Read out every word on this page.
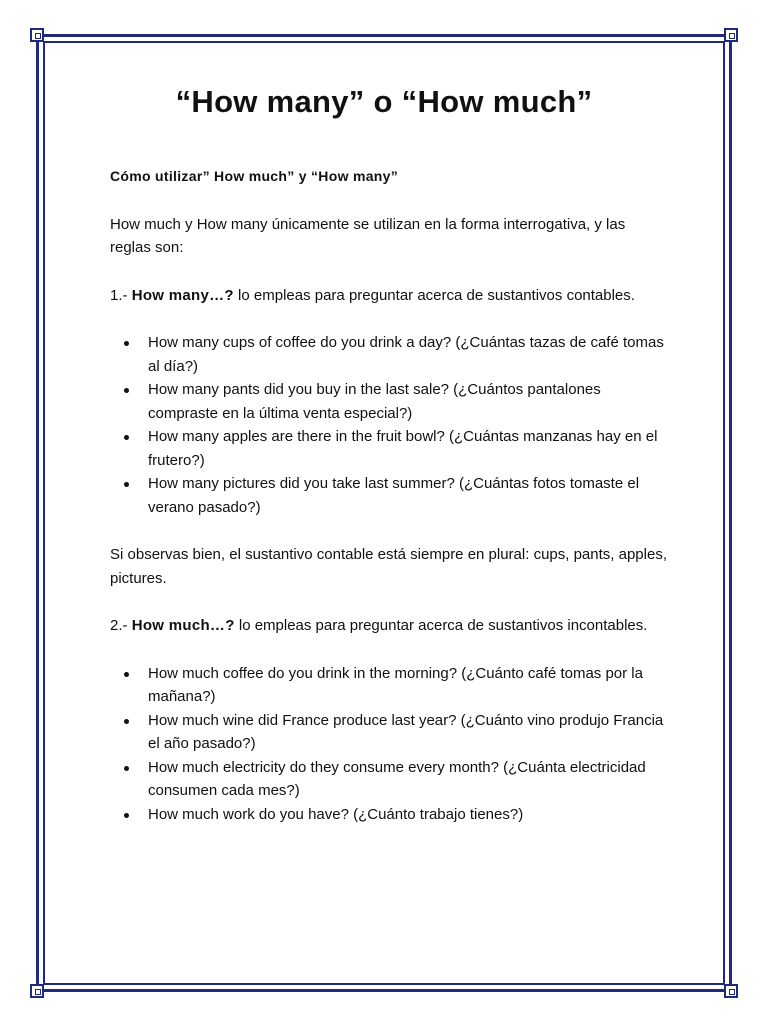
“How many” o “How much”

Cómo utilizar” How much” y “How many”

How much y How many únicamente se utilizan en la forma interrogativa, y las reglas son:

1.- How many…? lo empleas para preguntar acerca de sustantivos contables.

How many cups of coffee do you drink a day? (¿Cuántas tazas de café tomas al día?)
How many pants did you buy in the last sale? (¿Cuántos pantalones compraste en la última venta especial?)
How many apples are there in the fruit bowl? (¿Cuántas manzanas hay en el frutero?)
How many pictures did you take last summer? (¿Cuántas fotos tomaste el verano pasado?)

Si observas bien, el sustantivo contable está siempre en plural: cups, pants, apples, pictures.

2.- How much…? lo empleas para preguntar acerca de sustantivos incontables.

How much coffee do you drink in the morning? (¿Cuánto café tomas por la mañana?)
How much wine did France produce last year? (¿Cuánto vino produjo Francia el año pasado?)
How much electricity do they consume every month? (¿Cuánta electricidad consumen cada mes?)
How much work do you have? (¿Cuánto trabajo tienes?)
